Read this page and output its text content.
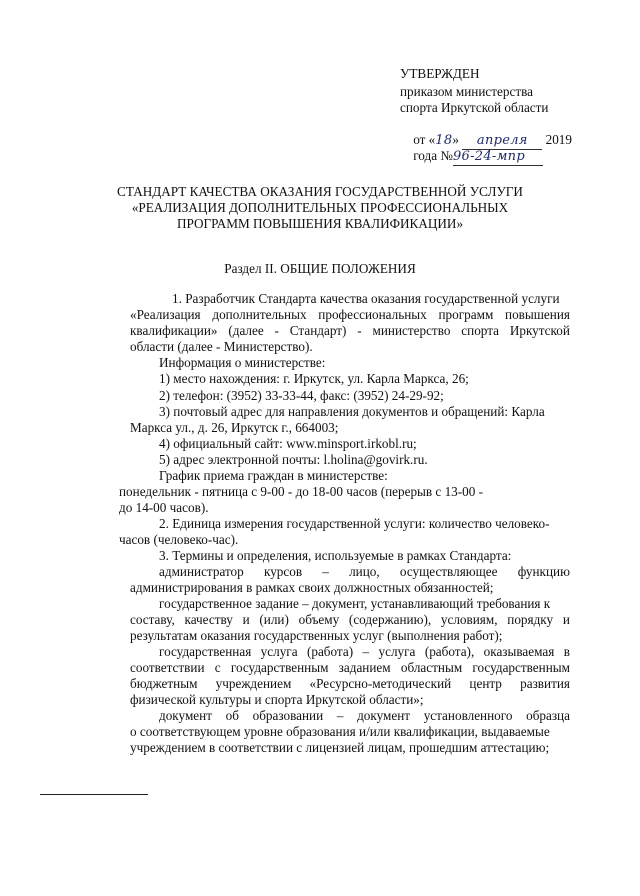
УТВЕРЖДЕН
приказом министерства
спорта Иркутской области

от «18» апреля 2019

года №96-24-мпр

СТАНДАРТ КАЧЕСТВА ОКАЗАНИЯ ГОСУДАРСТВЕННОЙ УСЛУГИ
«РЕАЛИЗАЦИЯ ДОПОЛНИТЕЛЬНЫХ ПРОФЕССИОНАЛЬНЫХ
ПРОГРАММ ПОВЫШЕНИЯ КВАЛИФИКАЦИИ»
Раздел II. ОБЩИЕ ПОЛОЖЕНИЯ
1. Разработчик Стандарта качества оказания государственной услуги
«Реализация дополнительных профессиональных программ повышения
квалификации» (далее - Стандарт) - министерство спорта Иркутской
области (далее - Министерство).
Информация о министерстве:
1) место нахождения: г. Иркутск, ул. Карла Маркса, 26;
2) телефон: (3952) 33-33-44, факс: (3952) 24-29-92;
3) почтовый адрес для направления документов и обращений: Карла
Маркса ул., д. 26, Иркутск г., 664003;
4) официальный сайт: www.minsport.irkobl.ru;
5) адрес электронной почты: l.holina@govirk.ru.
График приема граждан в министерстве:
понедельник - пятница с 9-00 - до 18-00 часов (перерыв с 13-00 -
до 14-00 часов).
2. Единица измерения государственной услуги: количество человеко-
часов (человеко-час).
3. Термины и определения, используемые в рамках Стандарта:
администратор курсов – лицо, осуществляющее функцию
администрирования в рамках своих должностных обязанностей;
государственное задание – документ, устанавливающий требования к
составу, качеству и (или) объему (содержанию), условиям, порядку и
результатам оказания государственных услуг (выполнения работ);
государственная услуга (работа) – услуга (работа), оказываемая в
соответствии с государственным заданием областным государственным
бюджетным учреждением «Ресурсно-методический центр развития
физической культуры и спорта Иркутской области»;
документ об образовании – документ установленного образца
о соответствующем уровне образования и/или квалификации, выдаваемые
учреждением в соответствии с лицензией лицам, прошедшим аттестацию;
